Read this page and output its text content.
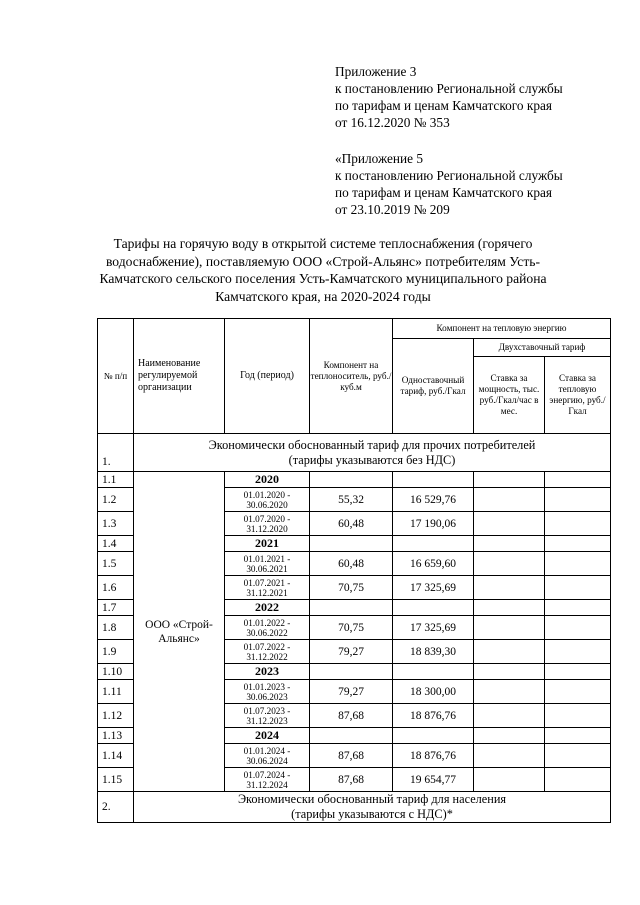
Приложение 3
к постановлению Региональной службы
по тарифам и ценам Камчатского края
от 16.12.2020 № 353
«Приложение 5
к постановлению Региональной службы
по тарифам и ценам Камчатского края
от 23.10.2019 № 209
Тарифы на горячую воду в открытой системе теплоснабжения (горячего
водоснабжение), поставляемую ООО «Строй-Альянс» потребителям Усть-
Камчатского сельского поселения Усть-Камчатского муниципального района
Камчатского края, на 2020-2024 годы
№ п/п	Наименование регулируемой организации	Год (период)	Компонент на теплоноситель, руб./куб.м	Компонент на тепловую энергию		
				Одноставочный тариф, руб./Гкал	Двухставочный тариф	
					Ставка за мощность, тыс. руб./Гкал/час в мес.	Ставка за тепловую энергию, руб./Гкал
1.	Экономически обоснованный тариф для прочих потребителей
(тарифы указываются без НДС)					

1.1	ООО «Строй-Альянс»	2020				
1.2		01.01.2020 -
30.06.2020	55,32	16 529,76		
1.3		01.07.2020 -
31.12.2020	60,48	17 190,06		
1.4		2021				
1.5		01.01.2021 -
30.06.2021	60,48	16 659,60		
1.6		01.07.2021 -
31.12.2021	70,75	17 325,69		
1.7		2022				
1.8		01.01.2022 -
30.06.2022	70,75	17 325,69		
1.9		01.07.2022 -
31.12.2022	79,27	18 839,30		
1.10		2023				
1.11		01.01.2023 -
30.06.2023	79,27	18 300,00		
1.12		01.07.2023 -
31.12.2023	87,68	18 876,76		
1.13		2024				
1.14		01.01.2024 -
30.06.2024	87,68	18 876,76		
1.15		01.07.2024 -
31.12.2024	87,68	19 654,77		
2.	Экономически обоснованный тариф для населения
(тарифы указываются с НДС)*					
